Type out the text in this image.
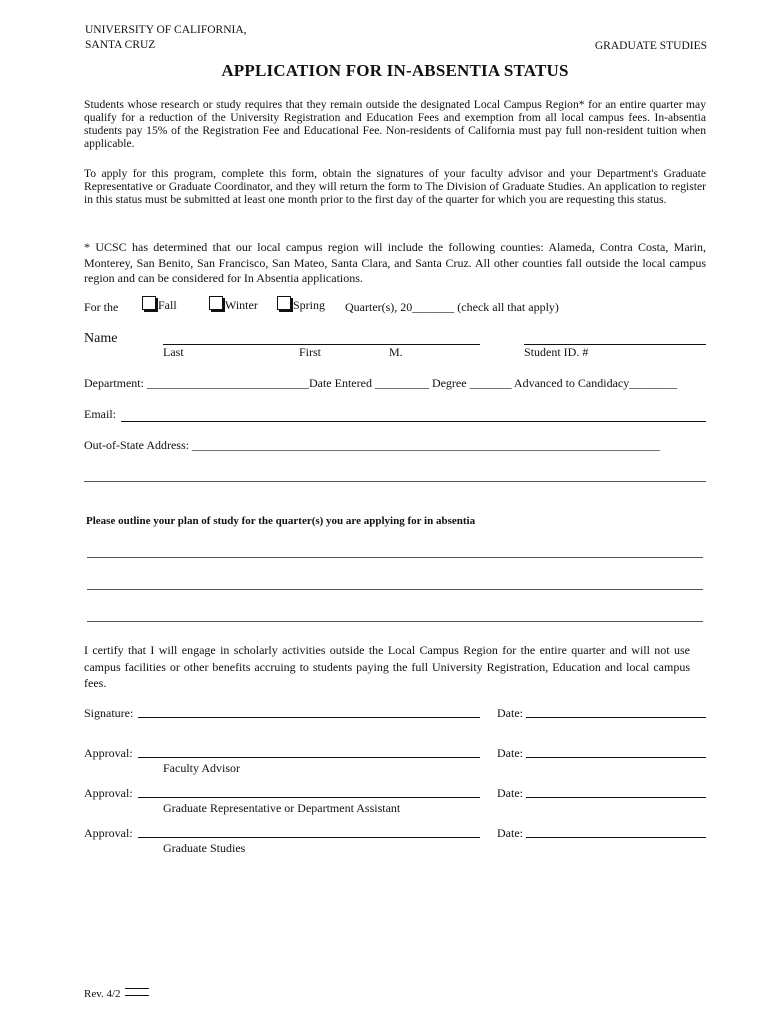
UNIVERSITY OF CALIFORNIA,
SANTA CRUZ	GRADUATE STUDIES
APPLICATION FOR IN-ABSENTIA STATUS
Students whose research or study requires that they remain outside the designated Local Campus Region* for an entire quarter may qualify for a reduction of the University Registration and Education Fees and exemption from all local campus fees. In-absentia students pay 15% of the Registration Fee and Educational Fee. Non-residents of California must pay full non-resident tuition when applicable.
To apply for this program, complete this form, obtain the signatures of your faculty advisor and your Department's Graduate Representative or Graduate Coordinator, and they will return the form to The Division of Graduate Studies. An application to register in this status must be submitted at least one month prior to the first day of the quarter for which you are requesting this status.
* UCSC has determined that our local campus region will include the following counties: Alameda, Contra Costa, Marin, Monterey, San Benito, San Francisco, San Mateo, Santa Clara, and Santa Cruz. All other counties fall outside the local campus region and can be considered for In Absentia applications.
For the	Fall	Winter	Spring Quarter(s), 20_______ (check all that apply)
Name
Last	First	M.	Student ID. #
Department: ___________________________Date Entered _________ Degree _______ Advanced to Candidacy________
Email:
Out-of-State Address: ______________________________________________________________________________
Please outline your plan of study for the quarter(s) you are applying for in absentia
I certify that I will engage in scholarly activities outside the Local Campus Region for the entire quarter and will not use campus facilities or other benefits accruing to students paying the full University Registration, Education and local campus fees.
Signature:	Date:
Approval:	Date:
Faculty Advisor
Approval:	Date:
Graduate Representative or Department Assistant
Approval:	Date:
Graduate Studies
Rev. 4/2
